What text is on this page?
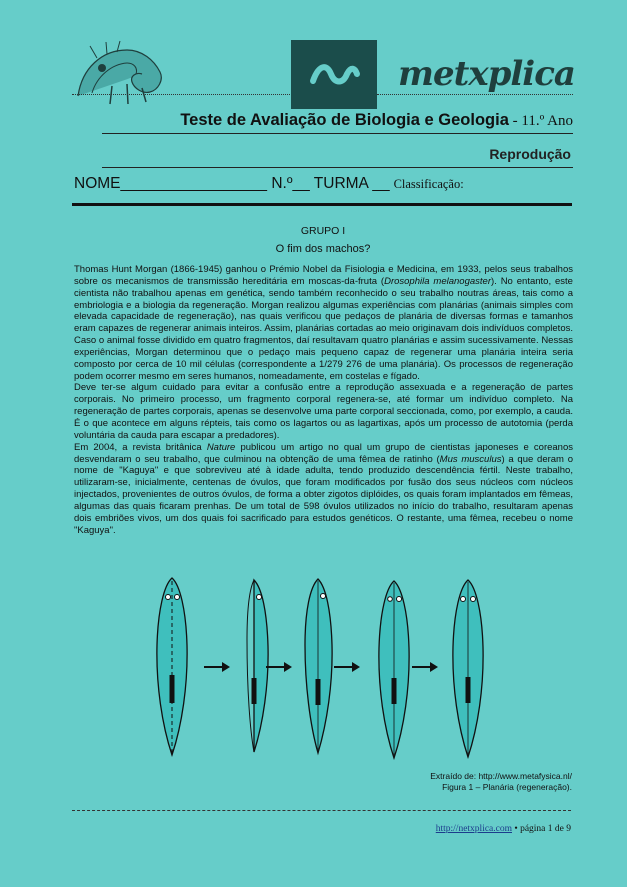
metxplica
Teste de Avaliação de Biologia e Geologia - 11.º Ano
Reprodução
NOME_________________ N.º__ TURMA __ Classificação:
GRUPO I
O fim dos machos?

Thomas Hunt Morgan (1866-1945) ganhou o Prémio Nobel da Fisiologia e Medicina, em 1933, pelos seus trabalhos sobre os mecanismos de transmissão hereditária em moscas-da-fruta (Drosophila melanogaster). No entanto, este cientista não trabalhou apenas em genética, sendo também reconhecido o seu trabalho noutras áreas, tais como a embriologia e a biologia da regeneração. Morgan realizou algumas experiências com planárias (animais simples com elevada capacidade de regeneração), nas quais verificou que pedaços de planária de diversas formas e tamanhos eram capazes de regenerar animais inteiros. Assim, planárias cortadas ao meio originavam dois indivíduos completos. Caso o animal fosse dividido em quatro fragmentos, daí resultavam quatro planárias e assim sucessivamente. Nessas experiências, Morgan determinou que o pedaço mais pequeno capaz de regenerar uma planária inteira seria composto por cerca de 10 mil células (correspondente a 1/279 276 de uma planária). Os processos de regeneração podem ocorrer mesmo em seres humanos, nomeadamente, em costelas e fígado.

Deve ter-se algum cuidado para evitar a confusão entre a reprodução assexuada e a regeneração de partes corporais. No primeiro processo, um fragmento corporal regenera-se, até formar um indivíduo completo. Na regeneração de partes corporais, apenas se desenvolve uma parte corporal seccionada, como, por exemplo, a cauda. É o que acontece em alguns répteis, tais como os lagartos ou as lagartixas, após um processo de autotomia (perda voluntária da cauda para escapar a predadores).

Em 2004, a revista britânica Nature publicou um artigo no qual um grupo de cientistas japoneses e coreanos desvendaram o seu trabalho, que culminou na obtenção de uma fêmea de ratinho (Mus musculus) a que deram o nome de "Kaguya" e que sobreviveu até à idade adulta, tendo produzido descendência fértil. Neste trabalho, utilizaram-se, inicialmente, centenas de óvulos, que foram modificados por fusão dos seus núcleos com núcleos injectados, provenientes de outros óvulos, de forma a obter zigotos diplóides, os quais foram implantados em fêmeas, algumas das quais ficaram prenhas. De um total de 598 óvulos utilizados no início do trabalho, resultaram apenas dois embriões vivos, um dos quais foi sacrificado para estudos genéticos. O restante, uma fêmea, recebeu o nome "Kaguya".

Extraído de: http://www.metafysica.nl/
Figura 1 – Planária (regeneração).
http://netxplica.com • página 1 de 9
